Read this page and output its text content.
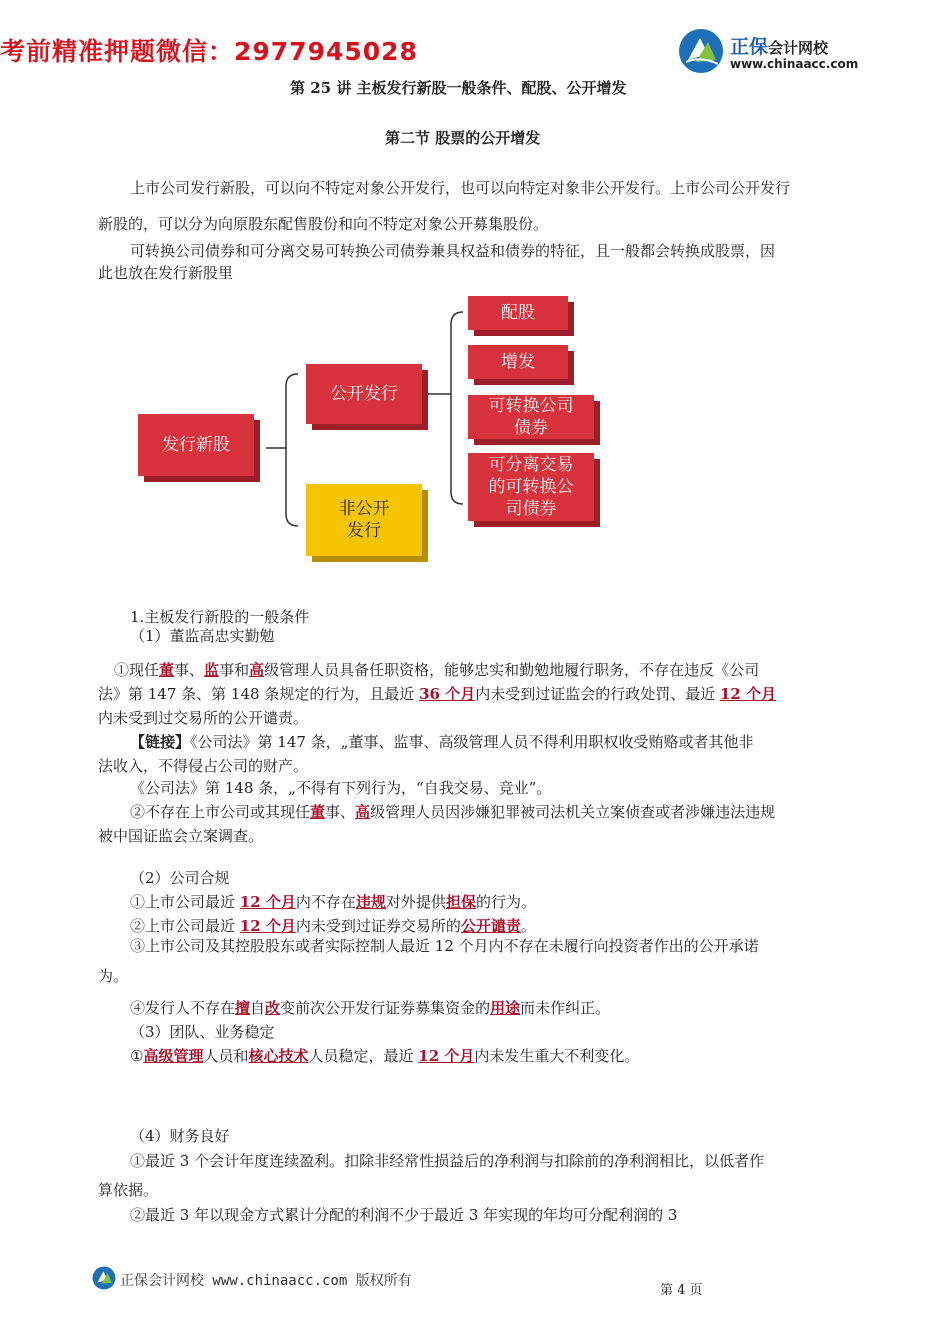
考前精准押题微信：2977945028	正保会计网校
www.chinaacc.com
第 25 讲 主板发行新股一般条件、配股、公开增发
第二节 股票的公开增发
上市公司发行新股，可以向不特定对象公开发行，也可以向特定对象非公开发行。上市公司公开发行
新股的，可以分为向原股东配售股份和向不特定对象公开募集股份。
可转换公司债券和可分离交易可转换公司债券兼具权益和债券的特征，且一般都会转换成股票，因
此也放在发行新股里
发行新股
公开发行
非公开
发行
配股
增发
可转换公司
债券
可分离交易
的可转换公
司债券
1.主板发行新股的一般条件
（1）董监高忠实勤勉
①现任董事、监事和高级管理人员具备任职资格，能够忠实和勤勉地履行职务，不存在违反《公司
法》第 147 条、第 148 条规定的行为，且最近 36 个月内未受到过证监会的行政处罚、最近 12 个月
内未受到过交易所的公开谴责。
【链接】《公司法》第 147 条，„董事、监事、高级管理人员不得利用职权收受贿赂或者其他非
法收入，不得侵占公司的财产。
《公司法》第 148 条，„不得有下列行为，“自我交易、竞业”。
②不存在上市公司或其现任董事、高级管理人员因涉嫌犯罪被司法机关立案侦查或者涉嫌违法违规
被中国证监会立案调查。
（2）公司合规
①上市公司最近 12 个月内不存在违规对外提供担保的行为。
②上市公司最近 12 个月内未受到过证券交易所的公开谴责。
③上市公司及其控股股东或者实际控制人最近 12 个月内不存在未履行向投资者作出的公开承诺
为。
④发行人不存在擅自改变前次公开发行证券募集资金的用途而未作纠正。
（3）团队、业务稳定
①高级管理人员和核心技术人员稳定，最近 12 个月内未发生重大不利变化。
（4）财务良好
①最近 3 个会计年度连续盈利。扣除非经常性损益后的净利润与扣除前的净利润相比，以低者作
算依据。
②最近 3 年以现金方式累计分配的利润不少于最近 3 年实现的年均可分配利润的 3
正保会计网校 www.chinaacc.com 版权所有
第 4 页
